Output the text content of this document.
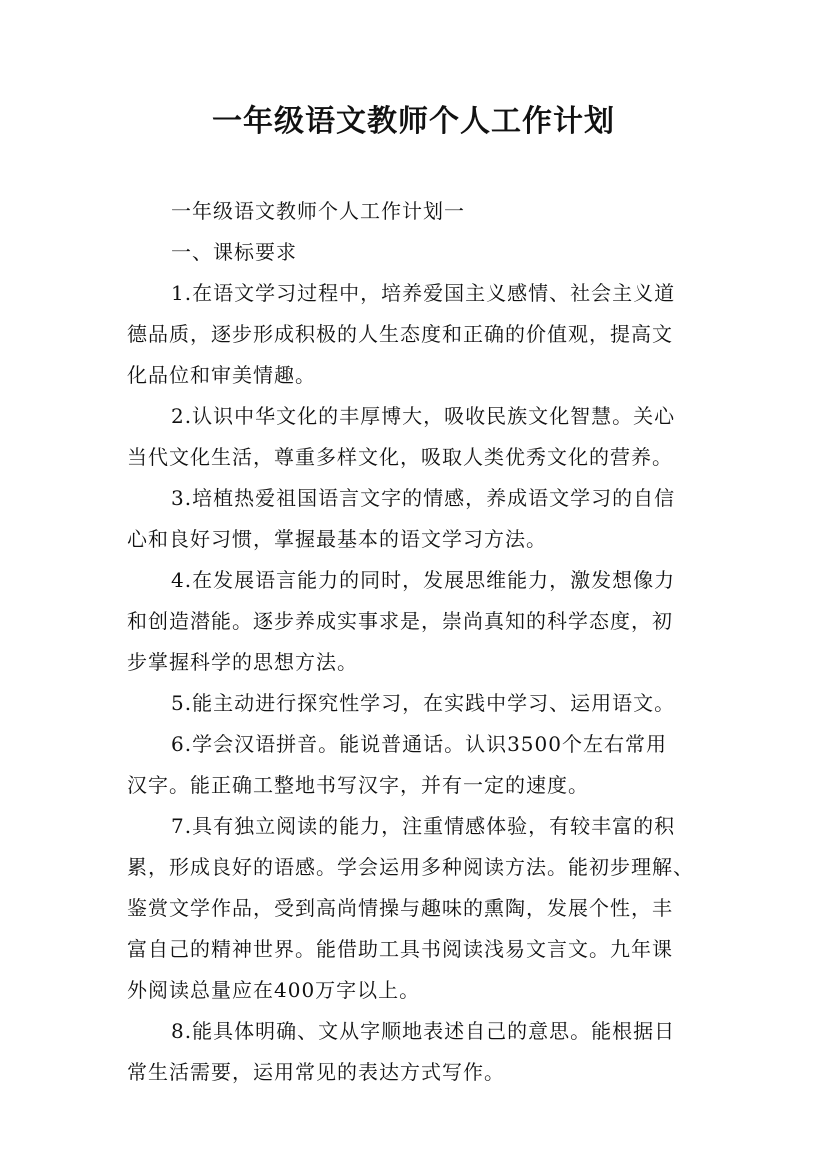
一年级语文教师个人工作计划
一年级语文教师个人工作计划一
一、课标要求
1.在语文学习过程中，培养爱国主义感情、社会主义道
德品质，逐步形成积极的人生态度和正确的价值观，提高文
化品位和审美情趣。
2.认识中华文化的丰厚博大，吸收民族文化智慧。关心
当代文化生活，尊重多样文化，吸取人类优秀文化的营养。
3.培植热爱祖国语言文字的情感，养成语文学习的自信
心和良好习惯，掌握最基本的语文学习方法。
4.在发展语言能力的同时，发展思维能力，激发想像力
和创造潜能。逐步养成实事求是，崇尚真知的科学态度，初
步掌握科学的思想方法。
5.能主动进行探究性学习，在实践中学习、运用语文。
6.学会汉语拼音。能说普通话。认识3500个左右常用
汉字。能正确工整地书写汉字，并有一定的速度。
7.具有独立阅读的能力，注重情感体验，有较丰富的积
累，形成良好的语感。学会运用多种阅读方法。能初步理解、
鉴赏文学作品，受到高尚情操与趣味的熏陶，发展个性，丰
富自己的精神世界。能借助工具书阅读浅易文言文。九年课
外阅读总量应在400万字以上。
8.能具体明确、文从字顺地表述自己的意思。能根据日
常生活需要，运用常见的表达方式写作。
